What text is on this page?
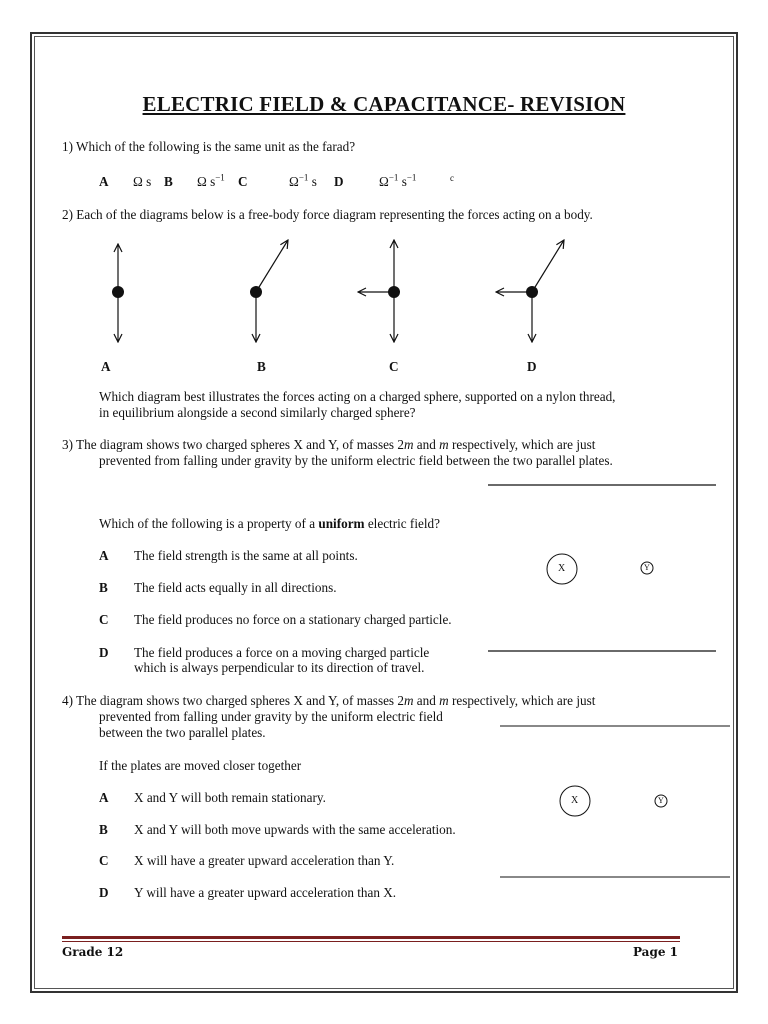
ELECTRIC FIELD & CAPACITANCE- REVISION
1) Which of the following is the same unit as the farad?
A Ω s B Ω $s^{-1}$ C	$\Omega^{-1}$ s D	$\Omega^{-1}$ $s^{-1}$	c
2) Each of the diagrams below is a free-body force diagram representing the forces acting on a body.
A	B	C	D
Which diagram best illustrates the forces acting on a charged sphere, supported on a nylon thread,
in equilibrium alongside a second similarly charged sphere?
3) The diagram shows two charged spheres X and Y, of masses 2m and m respectively, which are just
prevented from falling under gravity by the uniform electric field between the two parallel plates.
Which of the following is a property of a uniform electric field?
A The field strength is the same at all points.
B The field acts equally in all directions.
C The field produces no force on a stationary charged particle.
D The field produces a force on a moving charged particle
which is always perpendicular to its direction of travel.
X	Y
4) The diagram shows two charged spheres X and Y, of masses 2m and m respectively, which are just
prevented from falling under gravity by the uniform electric field
between the two parallel plates.
If the plates are moved closer together
A X and Y will both remain stationary.
B X and Y will both move upwards with the same acceleration.
C X will have a greater upward acceleration than Y.
D Y will have a greater upward acceleration than X.
X	Y
Grade 12	Page 1
